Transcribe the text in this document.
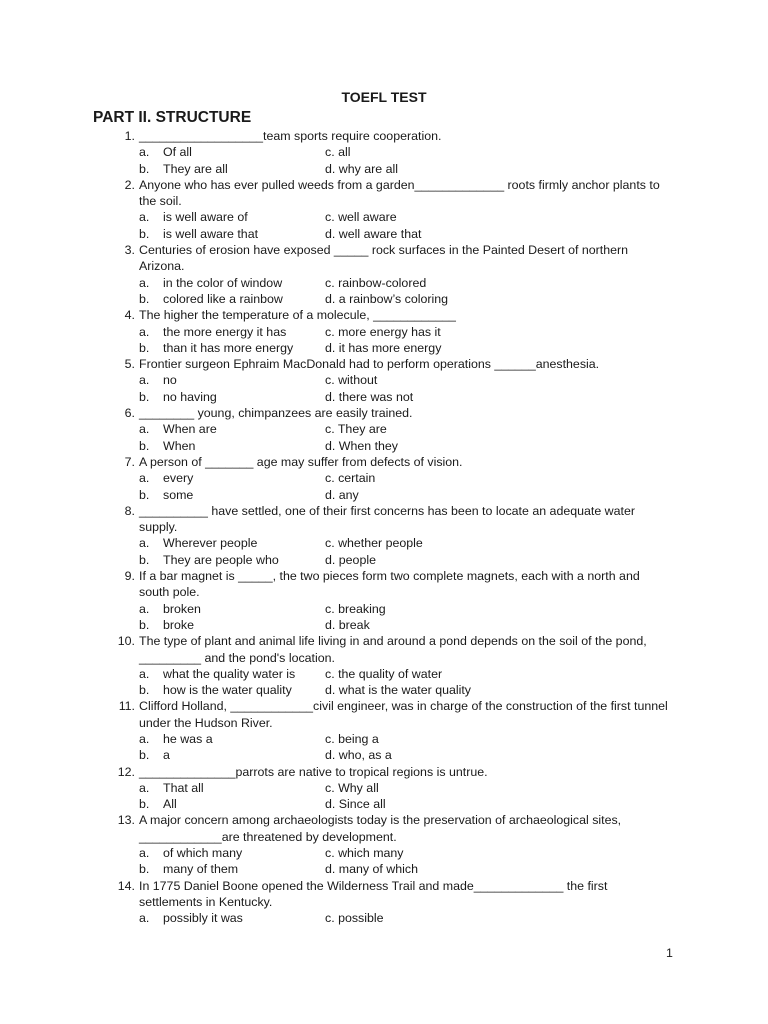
TOEFL TEST
PART II. STRUCTURE
1. __________________team sports require cooperation.
a.	Of all	c. all
b.	They are all	d. why are all
2. Anyone who has ever pulled weeds from a garden_____________ roots firmly anchor plants to the soil.
a.	is well aware of	c. well aware
b.	is well aware that	d. well aware that
3. Centuries of erosion have exposed _____ rock surfaces in the Painted Desert of northern Arizona.
a.	in the color of window	c. rainbow-colored
b.	colored like a rainbow	d. a rainbow’s coloring
4. The higher the temperature of a molecule, ____________
a.	the more energy it has	c. more energy has it
b.	than it has more energy	d. it has more energy
5. Frontier surgeon Ephraim MacDonald had to perform operations ______anesthesia.
a.	no	c. without
b.	no having	d. there was not
6. ________ young, chimpanzees are easily trained.
a.	When are	c. They are
b.	When	d. When they
7. A person of _______ age may suffer from defects of vision.
a.	every	c. certain
b.	some	d. any
8. __________ have settled, one of their first concerns has been to locate an adequate water supply.
a.	Wherever people	c. whether people
b.	They are people who	d. people
9. If a bar magnet is _____, the two pieces form two complete magnets, each with a north and south pole.
a.	broken	c. breaking
b.	broke	d. break
10. The type of plant and animal life living in and around a pond depends on the soil of the pond, _________ and the pond's location.
a.	what the quality water is	c. the quality of water
b.	how is the water quality	d. what is the water quality
11. Clifford Holland, ____________civil engineer, was in charge of the construction of the first tunnel under the Hudson River.
a.	he was a	c. being a
b.	a	d. who, as a
12. ______________parrots are native to tropical regions is untrue.
a.	That all	c. Why all
b.	All	d. Since all
13. A major concern among archaeologists today is the preservation of archaeological sites, ____________are threatened by development.
a.	of which many	c. which many
b.	many of them	d. many of which
14. In 1775 Daniel Boone opened the Wilderness Trail and made_____________ the first settlements in Kentucky.
a.	possibly it was	c. possible
1
